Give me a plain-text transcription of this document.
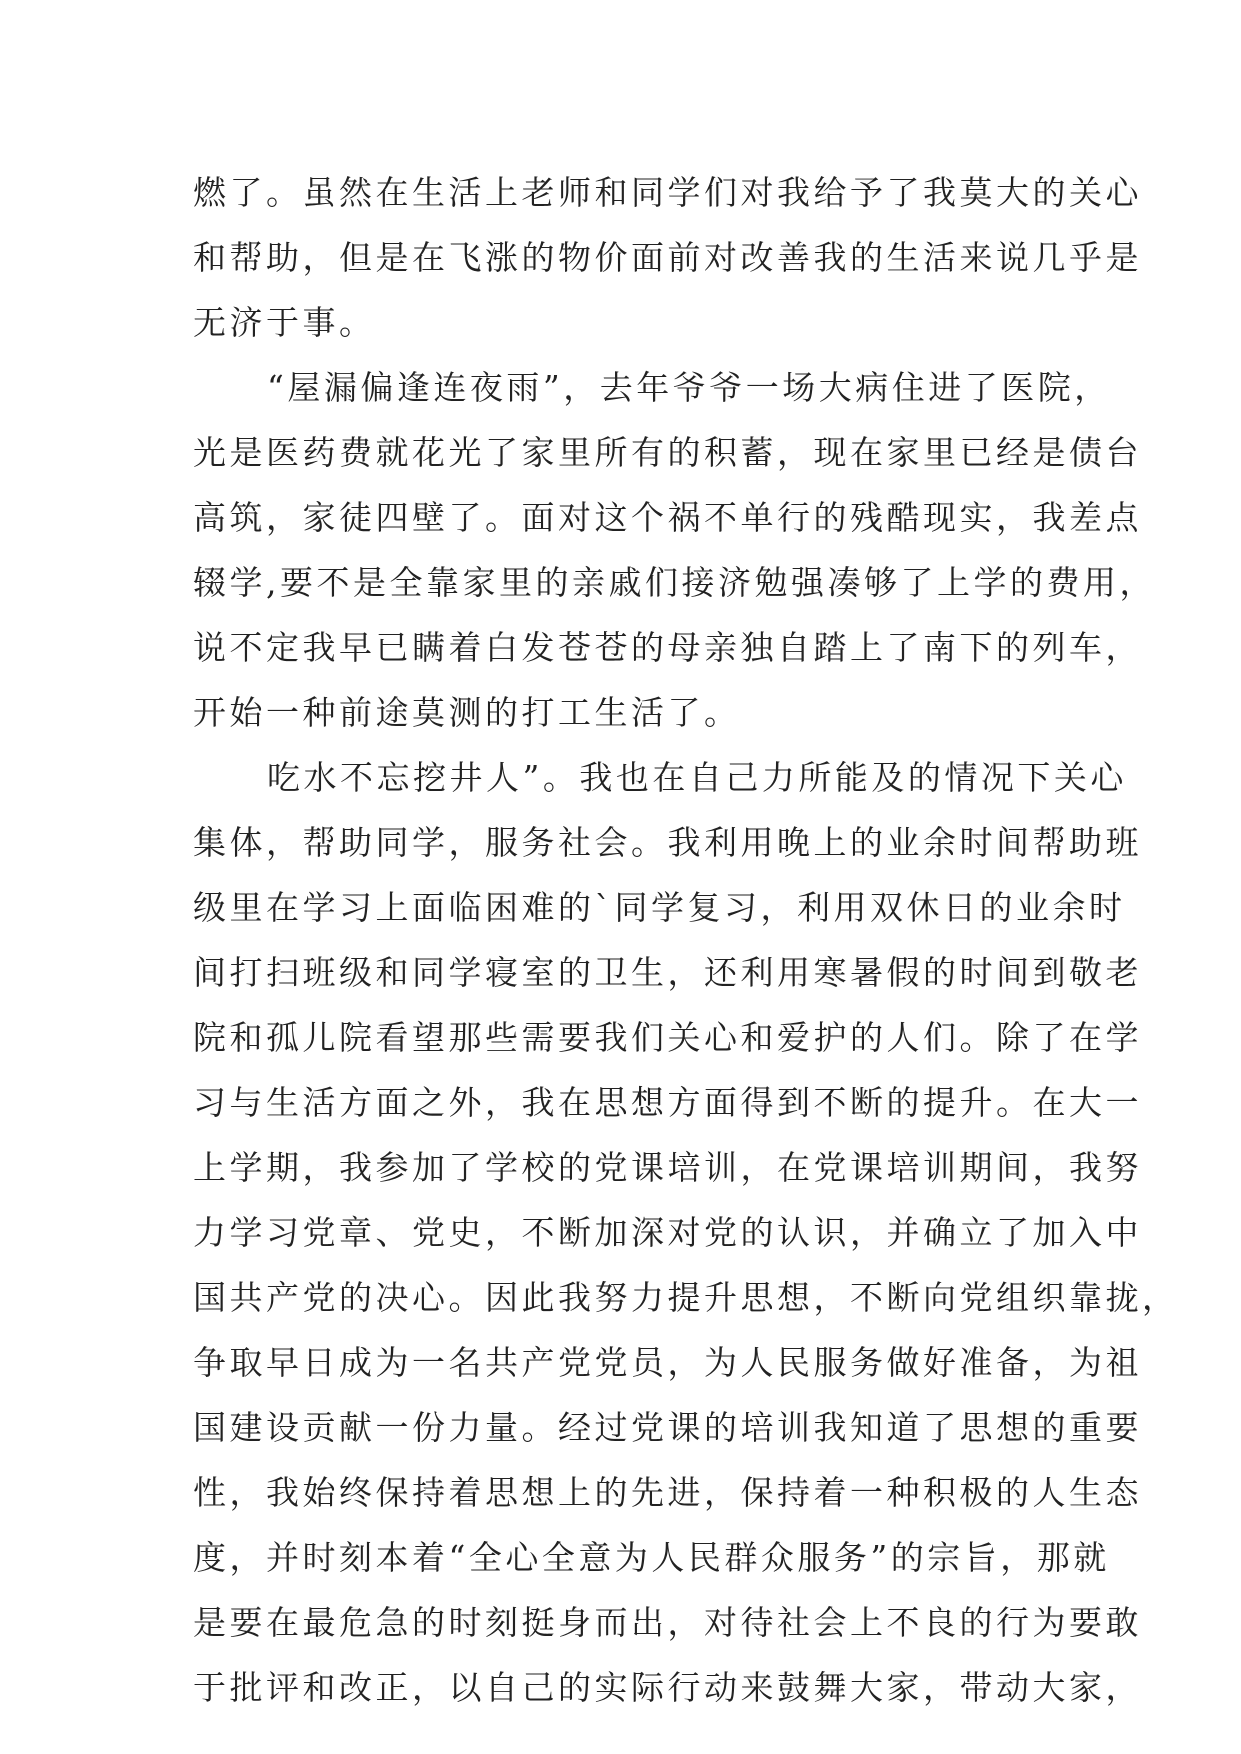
燃了。虽然在生活上老师和同学们对我给予了我莫大的关心
和帮助，但是在飞涨的物价面前对改善我的生活来说几乎是
无济于事。

“屋漏偏逢连夜雨”，去年爷爷一场大病住进了医院，
光是医药费就花光了家里所有的积蓄，现在家里已经是债台
高筑，家徒四壁了。面对这个祸不单行的残酷现实，我差点
辍学,要不是全靠家里的亲戚们接济勉强凑够了上学的费用，
说不定我早已瞒着白发苍苍的母亲独自踏上了南下的列车，
开始一种前途莫测的打工生活了。

吃水不忘挖井人”。我也在自己力所能及的情况下关心
集体，帮助同学，服务社会。我利用晚上的业余时间帮助班
级里在学习上面临困难的`同学复习，利用双休日的业余时
间打扫班级和同学寝室的卫生，还利用寒暑假的时间到敬老
院和孤儿院看望那些需要我们关心和爱护的人们。除了在学
习与生活方面之外，我在思想方面得到不断的提升。在大一
上学期，我参加了学校的党课培训，在党课培训期间，我努
力学习党章、党史，不断加深对党的认识，并确立了加入中
国共产党的决心。因此我努力提升思想，不断向党组织靠拢，
争取早日成为一名共产党党员，为人民服务做好准备，为祖
国建设贡献一份力量。经过党课的培训我知道了思想的重要
性，我始终保持着思想上的先进，保持着一种积极的人生态
度，并时刻本着“全心全意为人民群众服务”的宗旨，那就
是要在最危急的时刻挺身而出，对待社会上不良的行为要敢
于批评和改正，以自己的实际行动来鼓舞大家，带动大家，
